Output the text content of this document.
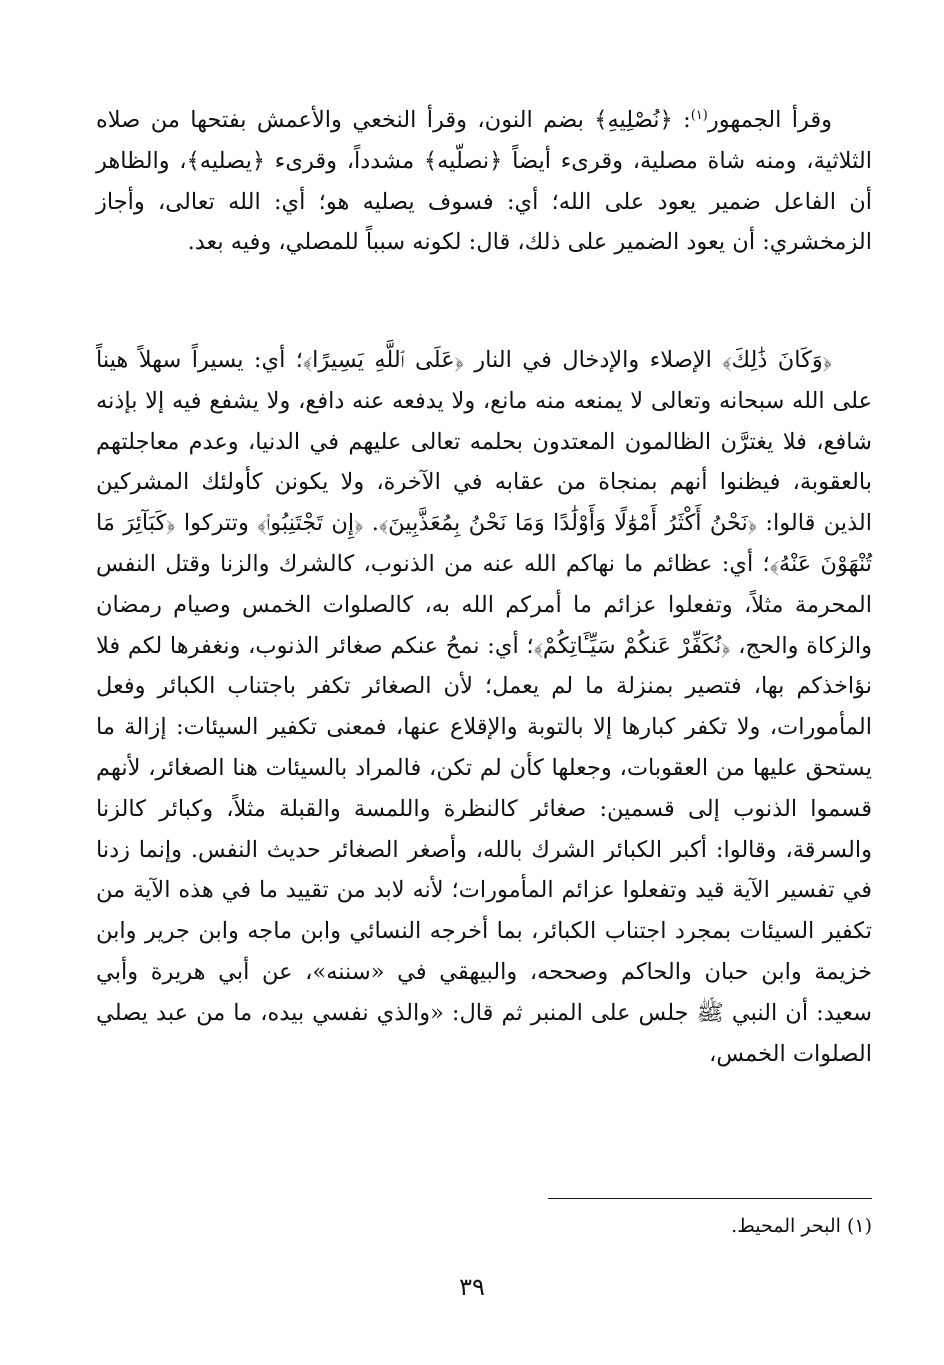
وقرأ الجمهور$^{(١)}$: ﴿نُصْلِيهِ﴾ بضم النون، وقرأ النخعي والأعمش بفتحها من صلاه الثلاثية، ومنه شاة مصلية، وقرىء أيضاً ﴿نصلّيه﴾ مشدداً، وقرىء ﴿يصليه﴾، والظاهر أن الفاعل ضمير يعود على الله؛ أي: فسوف يصليه هو؛ أي: الله تعالى، وأجاز الزمخشري: أن يعود الضمير على ذلك، قال: لكونه سبباً للمصلي، وفيه بعد.

﴿وَكَانَ ذَٰلِكَ﴾ الإصلاء والإدخال في النار ﴿عَلَى ٱللَّهِ يَسِيرًا﴾؛ أي: يسيراً سهلاً هيناً على الله سبحانه وتعالى لا يمنعه منه مانع، ولا يدفعه عنه دافع، ولا يشفع فيه إلا بإذنه شافع، فلا يغترَّن الظالمون المعتدون بحلمه تعالى عليهم في الدنيا، وعدم معاجلتهم بالعقوبة، فيظنوا أنهم بمنجاة من عقابه في الآخرة، ولا يكونن كأولئك المشركين الذين قالوا: ﴿نَحْنُ أَكْثَرُ أَمْوَٰلًا وَأَوْلَٰدًا وَمَا نَحْنُ بِمُعَذَّبِينَ﴾. ﴿إِن تَجْتَنِبُوا۟﴾ وتتركوا ﴿كَبَآئِرَ مَا تُنْهَوْنَ عَنْهُ﴾؛ أي: عظائم ما نهاكم الله عنه من الذنوب، كالشرك والزنا وقتل النفس المحرمة مثلاً، وتفعلوا عزائم ما أمركم الله به، كالصلوات الخمس وصيام رمضان والزكاة والحج، ﴿نُكَفِّرْ عَنكُمْ سَيِّـَٔاتِكُمْ﴾؛ أي: نمحُ عنكم صغائر الذنوب، ونغفرها لكم فلا نؤاخذكم بها، فتصير بمنزلة ما لم يعمل؛ لأن الصغائر تكفر باجتناب الكبائر وفعل المأمورات، ولا تكفر كبارها إلا بالتوبة والإقلاع عنها، فمعنى تكفير السيئات: إزالة ما يستحق عليها من العقوبات، وجعلها كأن لم تكن، فالمراد بالسيئات هنا الصغائر، لأنهم قسموا الذنوب إلى قسمين: صغائر كالنظرة واللمسة والقبلة مثلاً، وكبائر كالزنا والسرقة، وقالوا: أكبر الكبائر الشرك بالله، وأصغر الصغائر حديث النفس. وإنما زدنا في تفسير الآية قيد وتفعلوا عزائم المأمورات؛ لأنه لابد من تقييد ما في هذه الآية من تكفير السيئات بمجرد اجتناب الكبائر، بما أخرجه النسائي وابن ماجه وابن جرير وابن خزيمة وابن حبان والحاكم وصححه، والبيهقي في «سننه»، عن أبي هريرة وأبي سعيد: أن النبي ﷺ جلس على المنبر ثم قال: «والذي نفسي بيده، ما من عبد يصلي الصلوات الخمس،

(١) البحر المحيط.
٣٩
